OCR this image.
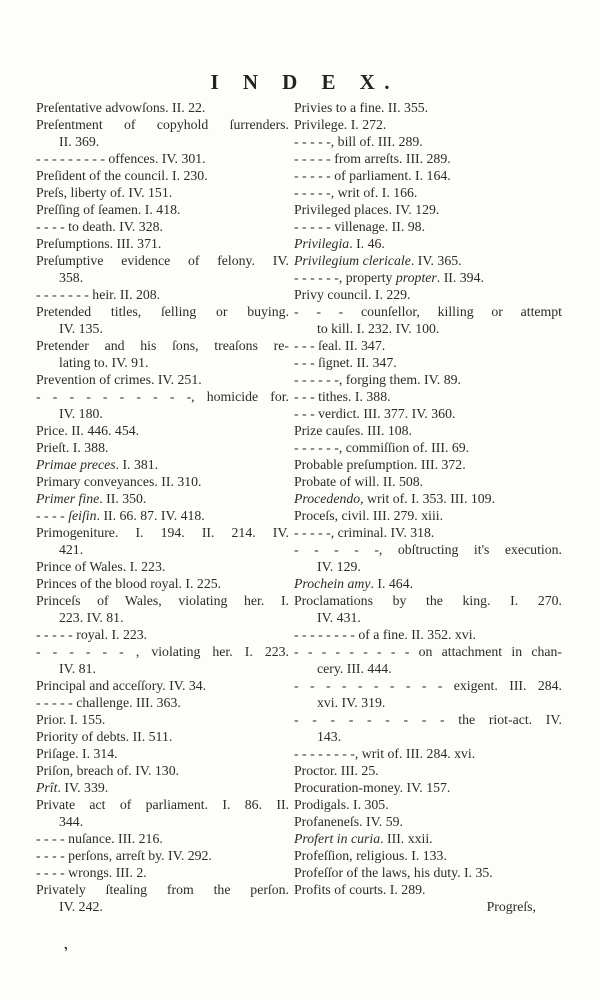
I N D E X.
Preſentative advowſons. II. 22.
Preſentment of copyhold ſurrenders.
II. 369.
- - - - - - - - - offences. IV. 301.
Preſident of the council. I. 230.
Preſs, liberty of. IV. 151.
Preſſing of ſeamen. I. 418.
- - - - to death. IV. 328.
Preſumptions. III. 371.
Preſumptive evidence of felony. IV.
358.
- - - - - - - heir. II. 208.
Pretended titles, ſelling or buying.
IV. 135.
Pretender and his ſons, treaſons re-
lating to. IV. 91.
Prevention of crimes. IV. 251.
- - - - - - - - - -, homicide for.
IV. 180.
Price. II. 446. 454.
Prieſt. I. 388.
Primae preces. I. 381.
Primary conveyances. II. 310.
Primer fine. II. 350.
- - - - ſeiſin. II. 66. 87. IV. 418.
Primogeniture. I. 194. II. 214. IV.
421.
Prince of Wales. I. 223.
Princes of the blood royal. I. 225.
Princeſs of Wales, violating her. I.
223. IV. 81.
- - - - - royal. I. 223.
- - - - - - , violating her. I. 223.
IV. 81.
Principal and acceſſory. IV. 34.
- - - - - challenge. III. 363.
Prior. I. 155.
Priority of debts. II. 511.
Priſage. I. 314.
Priſon, breach of. IV. 130.
Prît. IV. 339.
Private act of parliament. I. 86. II.
344.
- - - - nuſance. III. 216.
- - - - perſons, arreſt by. IV. 292.
- - - - wrongs. III. 2.
Privately ſtealing from the perſon.
IV. 242.
Privies to a fine. II. 355.
Privilege. I. 272.
- - - - -, bill of. III. 289.
- - - - - from arreſts. III. 289.
- - - - - of parliament. I. 164.
- - - - -, writ of. I. 166.
Privileged places. IV. 129.
- - - - - villenage. II. 98.
Privilegia. I. 46.
Privilegium clericale. IV. 365.
- - - - - -, property propter. II. 394.
Privy council. I. 229.
- - - counſellor, killing or attempt
to kill. I. 232. IV. 100.
- - - ſeal. II. 347.
- - - ſignet. II. 347.
- - - - - -, forging them. IV. 89.
- - - tithes. I. 388.
- - - verdict. III. 377. IV. 360.
Prize cauſes. III. 108.
- - - - - -, commiſſion of. III. 69.
Probable preſumption. III. 372.
Probate of will. II. 508.
Procedendo, writ of. I. 353. III. 109.
Proceſs, civil. III. 279. xiii.
- - - - -, criminal. IV. 318.
- - - - -, obſtructing it's execution.
IV. 129.
Prochein amy. I. 464.
Proclamations by the king. I. 270.
IV. 431.
- - - - - - - - of a fine. II. 352. xvi.
- - - - - - - - - on attachment in chan-
cery. III. 444.
- - - - - - - - - - exigent. III. 284.
xvi. IV. 319.
- - - - - - - - - the riot-act. IV.
143.
- - - - - - - -, writ of. III. 284. xvi.
Proctor. III. 25.
Procuration-money. IV. 157.
Prodigals. I. 305.
Profaneneſs. IV. 59.
Profert in curia. III. xxii.
Profeſſion, religious. I. 133.
Profeſſor of the laws, his duty. I. 35.
Profits of courts. I. 289.
Progreſs,
’
